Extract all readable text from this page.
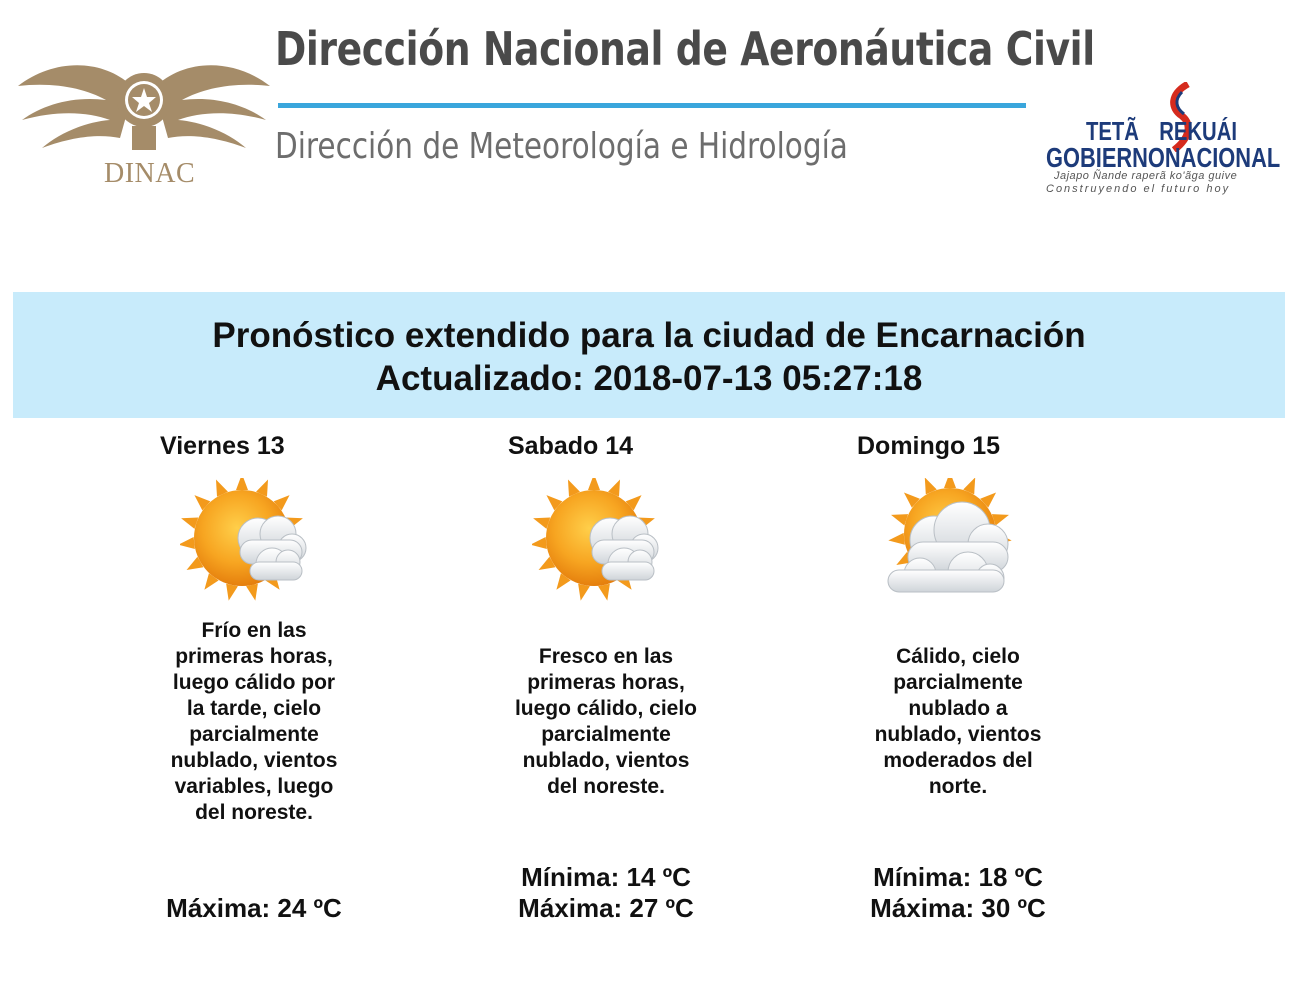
DINAC
Dirección Nacional de Aeronáutica Civil
Dirección de Meteorología e Hidrología	TETÃ REKUÁI
GOBIERNONACIONAL
Jajapo Ñande raperã ko'ãga guive
Construyendo el futuro hoy
Pronóstico extendido para la ciudad de Encarnación
Actualizado: 2018-07-13 05:27:18
Viernes 13
Frío en las
primeras horas,
luego cálido por
la tarde, cielo
parcialmente
nublado, vientos
variables, luego
del noreste.
Máxima: 24 ºC
Sabado 14
Fresco en las
primeras horas,
luego cálido, cielo
parcialmente
nublado, vientos
del noreste.
Mínima: 14 ºC
Máxima: 27 ºC
Domingo 15
Cálido, cielo
parcialmente
nublado a
nublado, vientos
moderados del
norte.
Mínima: 18 ºC
Máxima: 30 ºC
